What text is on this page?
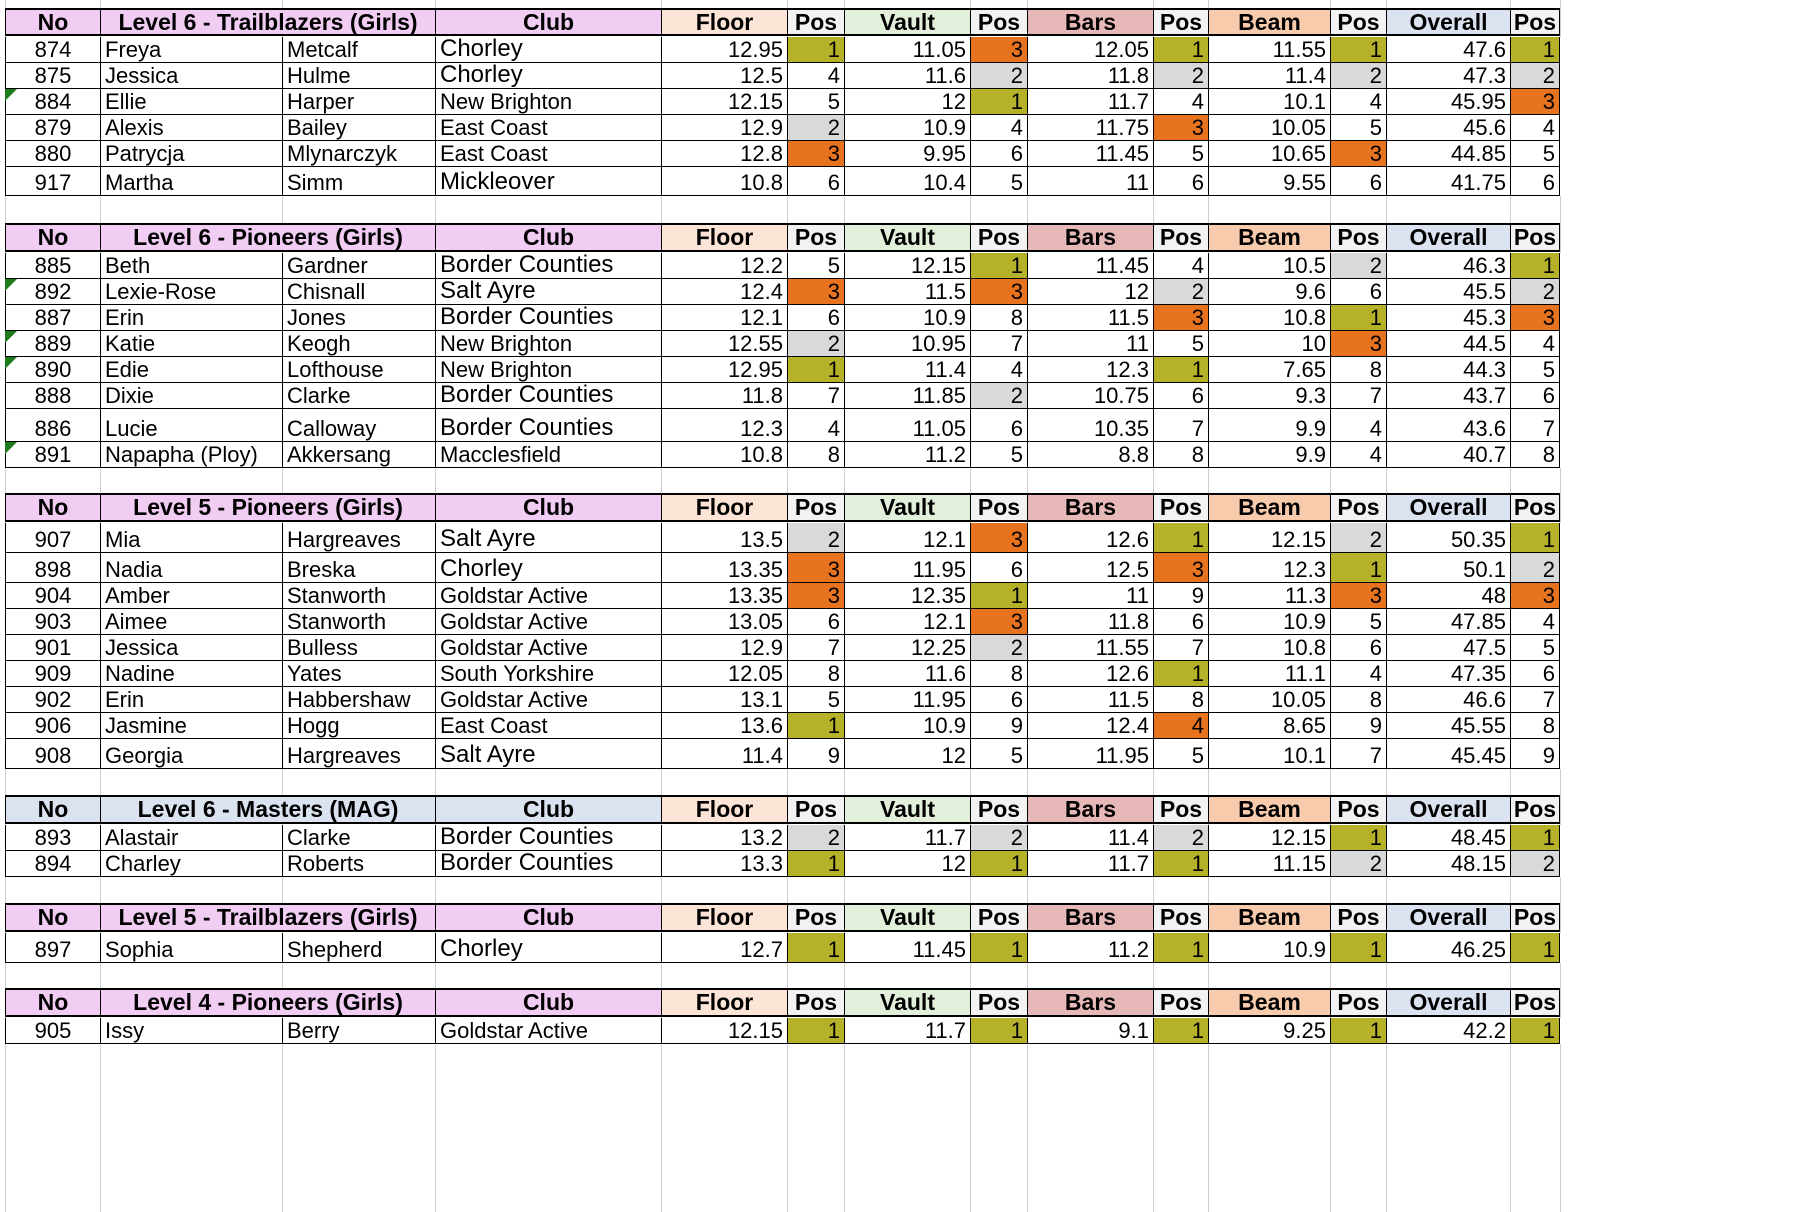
No	Level 6 - Trailblazers (Girls)	Club	Floor	Pos	Vault	Pos	Bars	Pos	Beam	Pos	Overall	Pos
874	Freya	Metcalf	Chorley	12.95	1	11.05	3	12.05	1	11.55	1	47.6	1
875	Jessica	Hulme	Chorley	12.5	4	11.6	2	11.8	2	11.4	2	47.3	2
884	Ellie	Harper	New Brighton	12.15	5	12	1	11.7	4	10.1	4	45.95	3
879	Alexis	Bailey	East Coast	12.9	2	10.9	4	11.75	3	10.05	5	45.6	4
880	Patrycja	Mlynarczyk	East Coast	12.8	3	9.95	6	11.45	5	10.65	3	44.85	5
917	Martha	Simm	Mickleover	10.8	6	10.4	5	11	6	9.55	6	41.75	6
No	Level 6 - Pioneers (Girls)	Club	Floor	Pos	Vault	Pos	Bars	Pos	Beam	Pos	Overall	Pos
885	Beth	Gardner	Border Counties	12.2	5	12.15	1	11.45	4	10.5	2	46.3	1
892	Lexie-Rose	Chisnall	Salt Ayre	12.4	3	11.5	3	12	2	9.6	6	45.5	2
887	Erin	Jones	Border Counties	12.1	6	10.9	8	11.5	3	10.8	1	45.3	3
889	Katie	Keogh	New Brighton	12.55	2	10.95	7	11	5	10	3	44.5	4
890	Edie	Lofthouse	New Brighton	12.95	1	11.4	4	12.3	1	7.65	8	44.3	5
888	Dixie	Clarke	Border Counties	11.8	7	11.85	2	10.75	6	9.3	7	43.7	6
886	Lucie	Calloway	Border Counties	12.3	4	11.05	6	10.35	7	9.9	4	43.6	7
891	Napapha (Ploy)	Akkersang	Macclesfield	10.8	8	11.2	5	8.8	8	9.9	4	40.7	8
No	Level 5 - Pioneers (Girls)	Club	Floor	Pos	Vault	Pos	Bars	Pos	Beam	Pos	Overall	Pos
907	Mia	Hargreaves	Salt Ayre	13.5	2	12.1	3	12.6	1	12.15	2	50.35	1
898	Nadia	Breska	Chorley	13.35	3	11.95	6	12.5	3	12.3	1	50.1	2
904	Amber	Stanworth	Goldstar Active	13.35	3	12.35	1	11	9	11.3	3	48	3
903	Aimee	Stanworth	Goldstar Active	13.05	6	12.1	3	11.8	6	10.9	5	47.85	4
901	Jessica	Bulless	Goldstar Active	12.9	7	12.25	2	11.55	7	10.8	6	47.5	5
909	Nadine	Yates	South Yorkshire	12.05	8	11.6	8	12.6	1	11.1	4	47.35	6
902	Erin	Habbershaw	Goldstar Active	13.1	5	11.95	6	11.5	8	10.05	8	46.6	7
906	Jasmine	Hogg	East Coast	13.6	1	10.9	9	12.4	4	8.65	9	45.55	8
908	Georgia	Hargreaves	Salt Ayre	11.4	9	12	5	11.95	5	10.1	7	45.45	9
No	Level 6 - Masters (MAG)	Club	Floor	Pos	Vault	Pos	Bars	Pos	Beam	Pos	Overall	Pos
893	Alastair	Clarke	Border Counties	13.2	2	11.7	2	11.4	2	12.15	1	48.45	1
894	Charley	Roberts	Border Counties	13.3	1	12	1	11.7	1	11.15	2	48.15	2
No	Level 5 - Trailblazers (Girls)	Club	Floor	Pos	Vault	Pos	Bars	Pos	Beam	Pos	Overall	Pos
897	Sophia	Shepherd	Chorley	12.7	1	11.45	1	11.2	1	10.9	1	46.25	1
No	Level 4 - Pioneers (Girls)	Club	Floor	Pos	Vault	Pos	Bars	Pos	Beam	Pos	Overall	Pos
905	Issy	Berry	Goldstar Active	12.15	1	11.7	1	9.1	1	9.25	1	42.2	1
